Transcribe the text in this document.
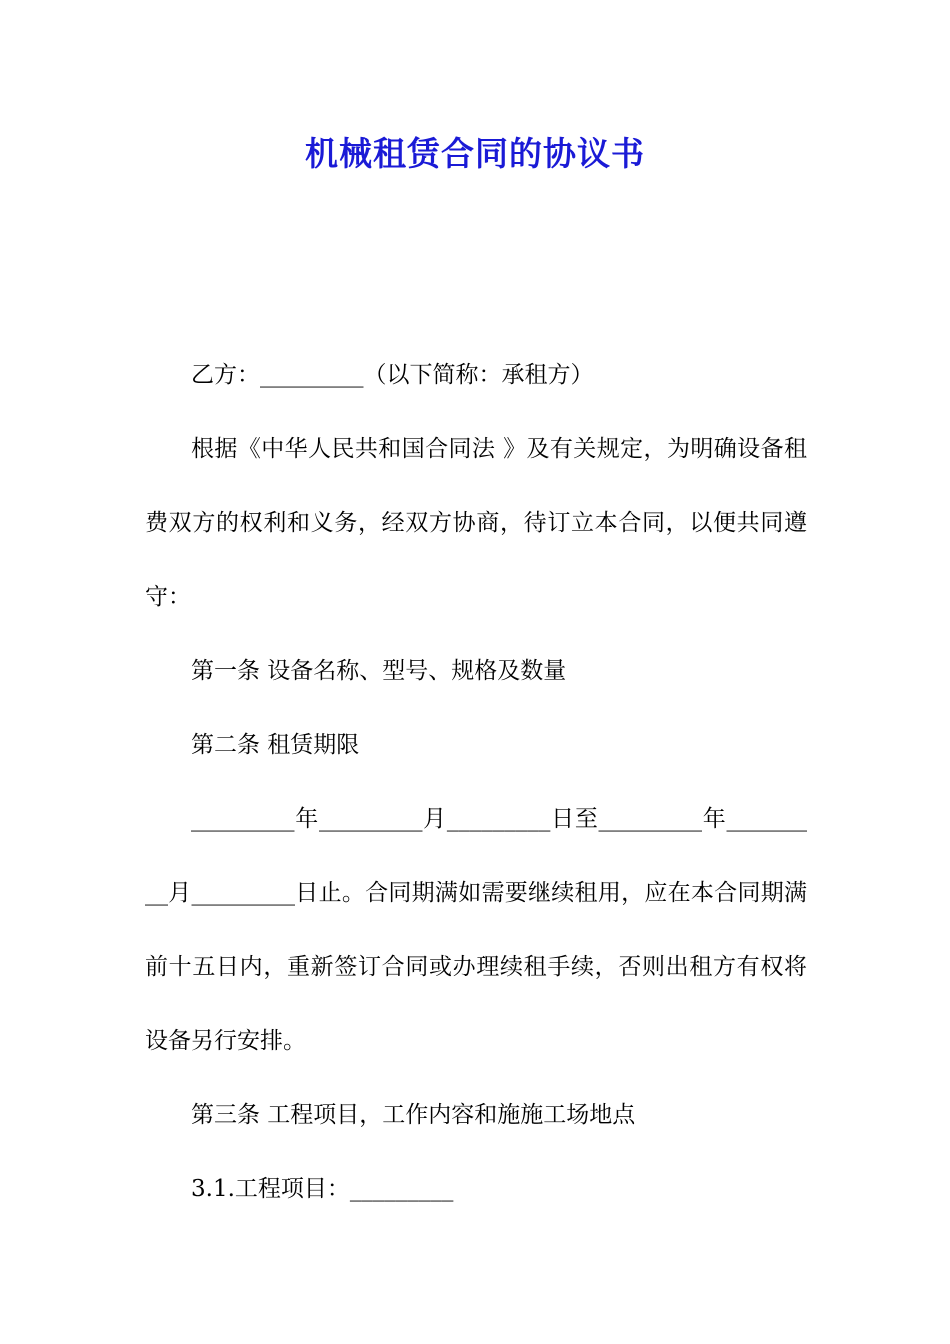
机械租赁合同的协议书

乙方：_________（以下简称：承租方）

根据《中华人民共和国合同法 》及有关规定，为明确设备租费双方的权利和义务，经双方协商，待订立本合同，以便共同遵守：

第一条 设备名称、型号、规格及数量

第二条 租赁期限

_________年_________月_________日至_________年_________月_________日止。合同期满如需要继续租用，应在本合同期满前十五日内，重新签订合同或办理续租手续，否则出租方有权将设备另行安排。

第三条 工程项目，工作内容和施施工场地点

3.1.工程项目：_________
